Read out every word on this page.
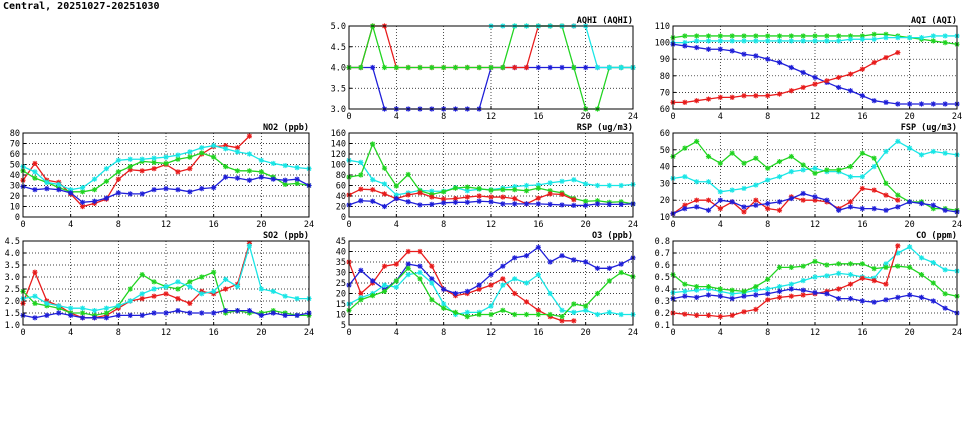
Central, 20251027-20251030
0	4	8	12	16	20	24
3.0
3.5
4.0
4.5
5.0
AQHI (AQHI)
0	4	8	12	16	20	24
60
70
80
90
100
110
AQI (AQI)
0	4	8	12	16	20	24
0
10
20
30
40
50
60
70
80
NO2 (ppb)
0	4	8	12	16	20	24
0
20
40
60
80
100
120
140
160
RSP (ug/m3)
0	4	8	12	16	20	24
10
20
30
40
50
60
FSP (ug/m3)
0	4	8	12	16	20	24
1.0
1.5
2.0
2.5
3.0
3.5
4.0
4.5
SO2 (ppb)
0	4	8	12	16	20	24
5
10
15
20
25
30
35
40
45
O3 (ppb)
0	4	8	12	16	20	24
0.1
0.2
0.3
0.4
0.5
0.6
0.7
0.8
CO (ppm)
